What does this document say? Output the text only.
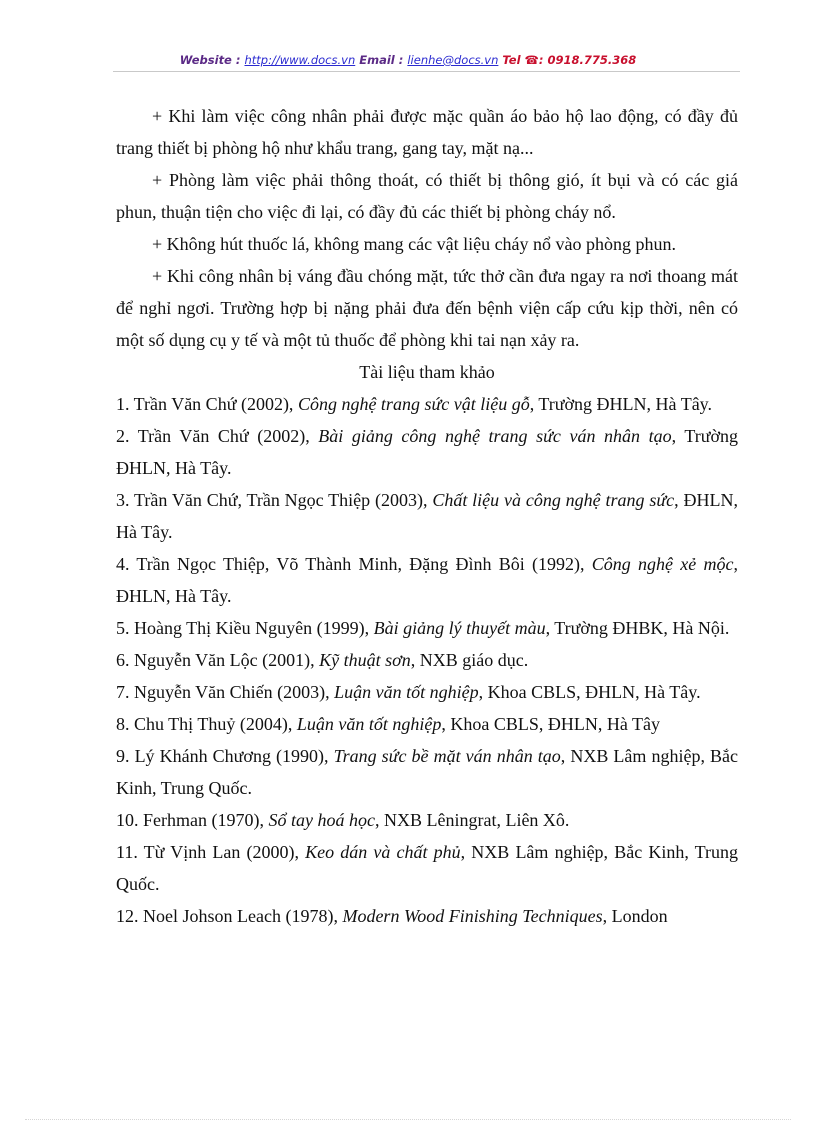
Website : http://www.docs.vn Email : lienhe@docs.vn Tel ☎: 0918.775.368

+ Khi làm việc công nhân phải được mặc quần áo bảo hộ lao động, có đầy đủ trang thiết bị phòng hộ như khẩu trang, gang tay, mặt nạ...

+ Phòng làm việc phải thông thoát, có thiết bị thông gió, ít bụi và có các giá phun, thuận tiện cho việc đi lại, có đầy đủ các thiết bị phòng cháy nổ.

+ Không hút thuốc lá, không mang các vật liệu cháy nổ vào phòng phun.

+ Khi công nhân bị váng đầu chóng mặt, tức thở cần đưa ngay ra nơi thoang mát để nghỉ ngơi. Trường hợp bị nặng phải đưa đến bệnh viện cấp cứu kịp thời, nên có một số dụng cụ y tế và một tủ thuốc để phòng khi tai nạn xảy ra.

Tài liệu tham khảo

1. Trần Văn Chứ (2002), Công nghệ trang sức vật liệu gỗ, Trường ĐHLN, Hà Tây.

2. Trần Văn Chứ (2002), Bài giảng công nghệ trang sức ván nhân tạo, Trường ĐHLN, Hà Tây.

3. Trần Văn Chứ, Trần Ngọc Thiệp (2003), Chất liệu và công nghệ trang sức, ĐHLN, Hà Tây.

4. Trần Ngọc Thiệp, Võ Thành Minh, Đặng Đình Bôi (1992), Công nghệ xẻ mộc, ĐHLN, Hà Tây.

5. Hoàng Thị Kiều Nguyên (1999), Bài giảng lý thuyết màu, Trường ĐHBK, Hà Nội.

6. Nguyễn Văn Lộc (2001), Kỹ thuật sơn, NXB giáo dục.

7. Nguyễn Văn Chiến (2003), Luận văn tốt nghiệp, Khoa CBLS, ĐHLN, Hà Tây.

8. Chu Thị Thuỷ (2004), Luận văn tốt nghiệp, Khoa CBLS, ĐHLN, Hà Tây

9. Lý Khánh Chương (1990), Trang sức bề mặt ván nhân tạo, NXB Lâm nghiệp, Bắc Kinh, Trung Quốc.

10. Ferhman (1970), Sổ tay hoá học, NXB Lêningrat, Liên Xô.

11. Từ Vịnh Lan (2000), Keo dán và chất phủ, NXB Lâm nghiệp, Bắc Kinh, Trung Quốc.

12. Noel Johson Leach (1978), Modern Wood Finishing Techniques, London
